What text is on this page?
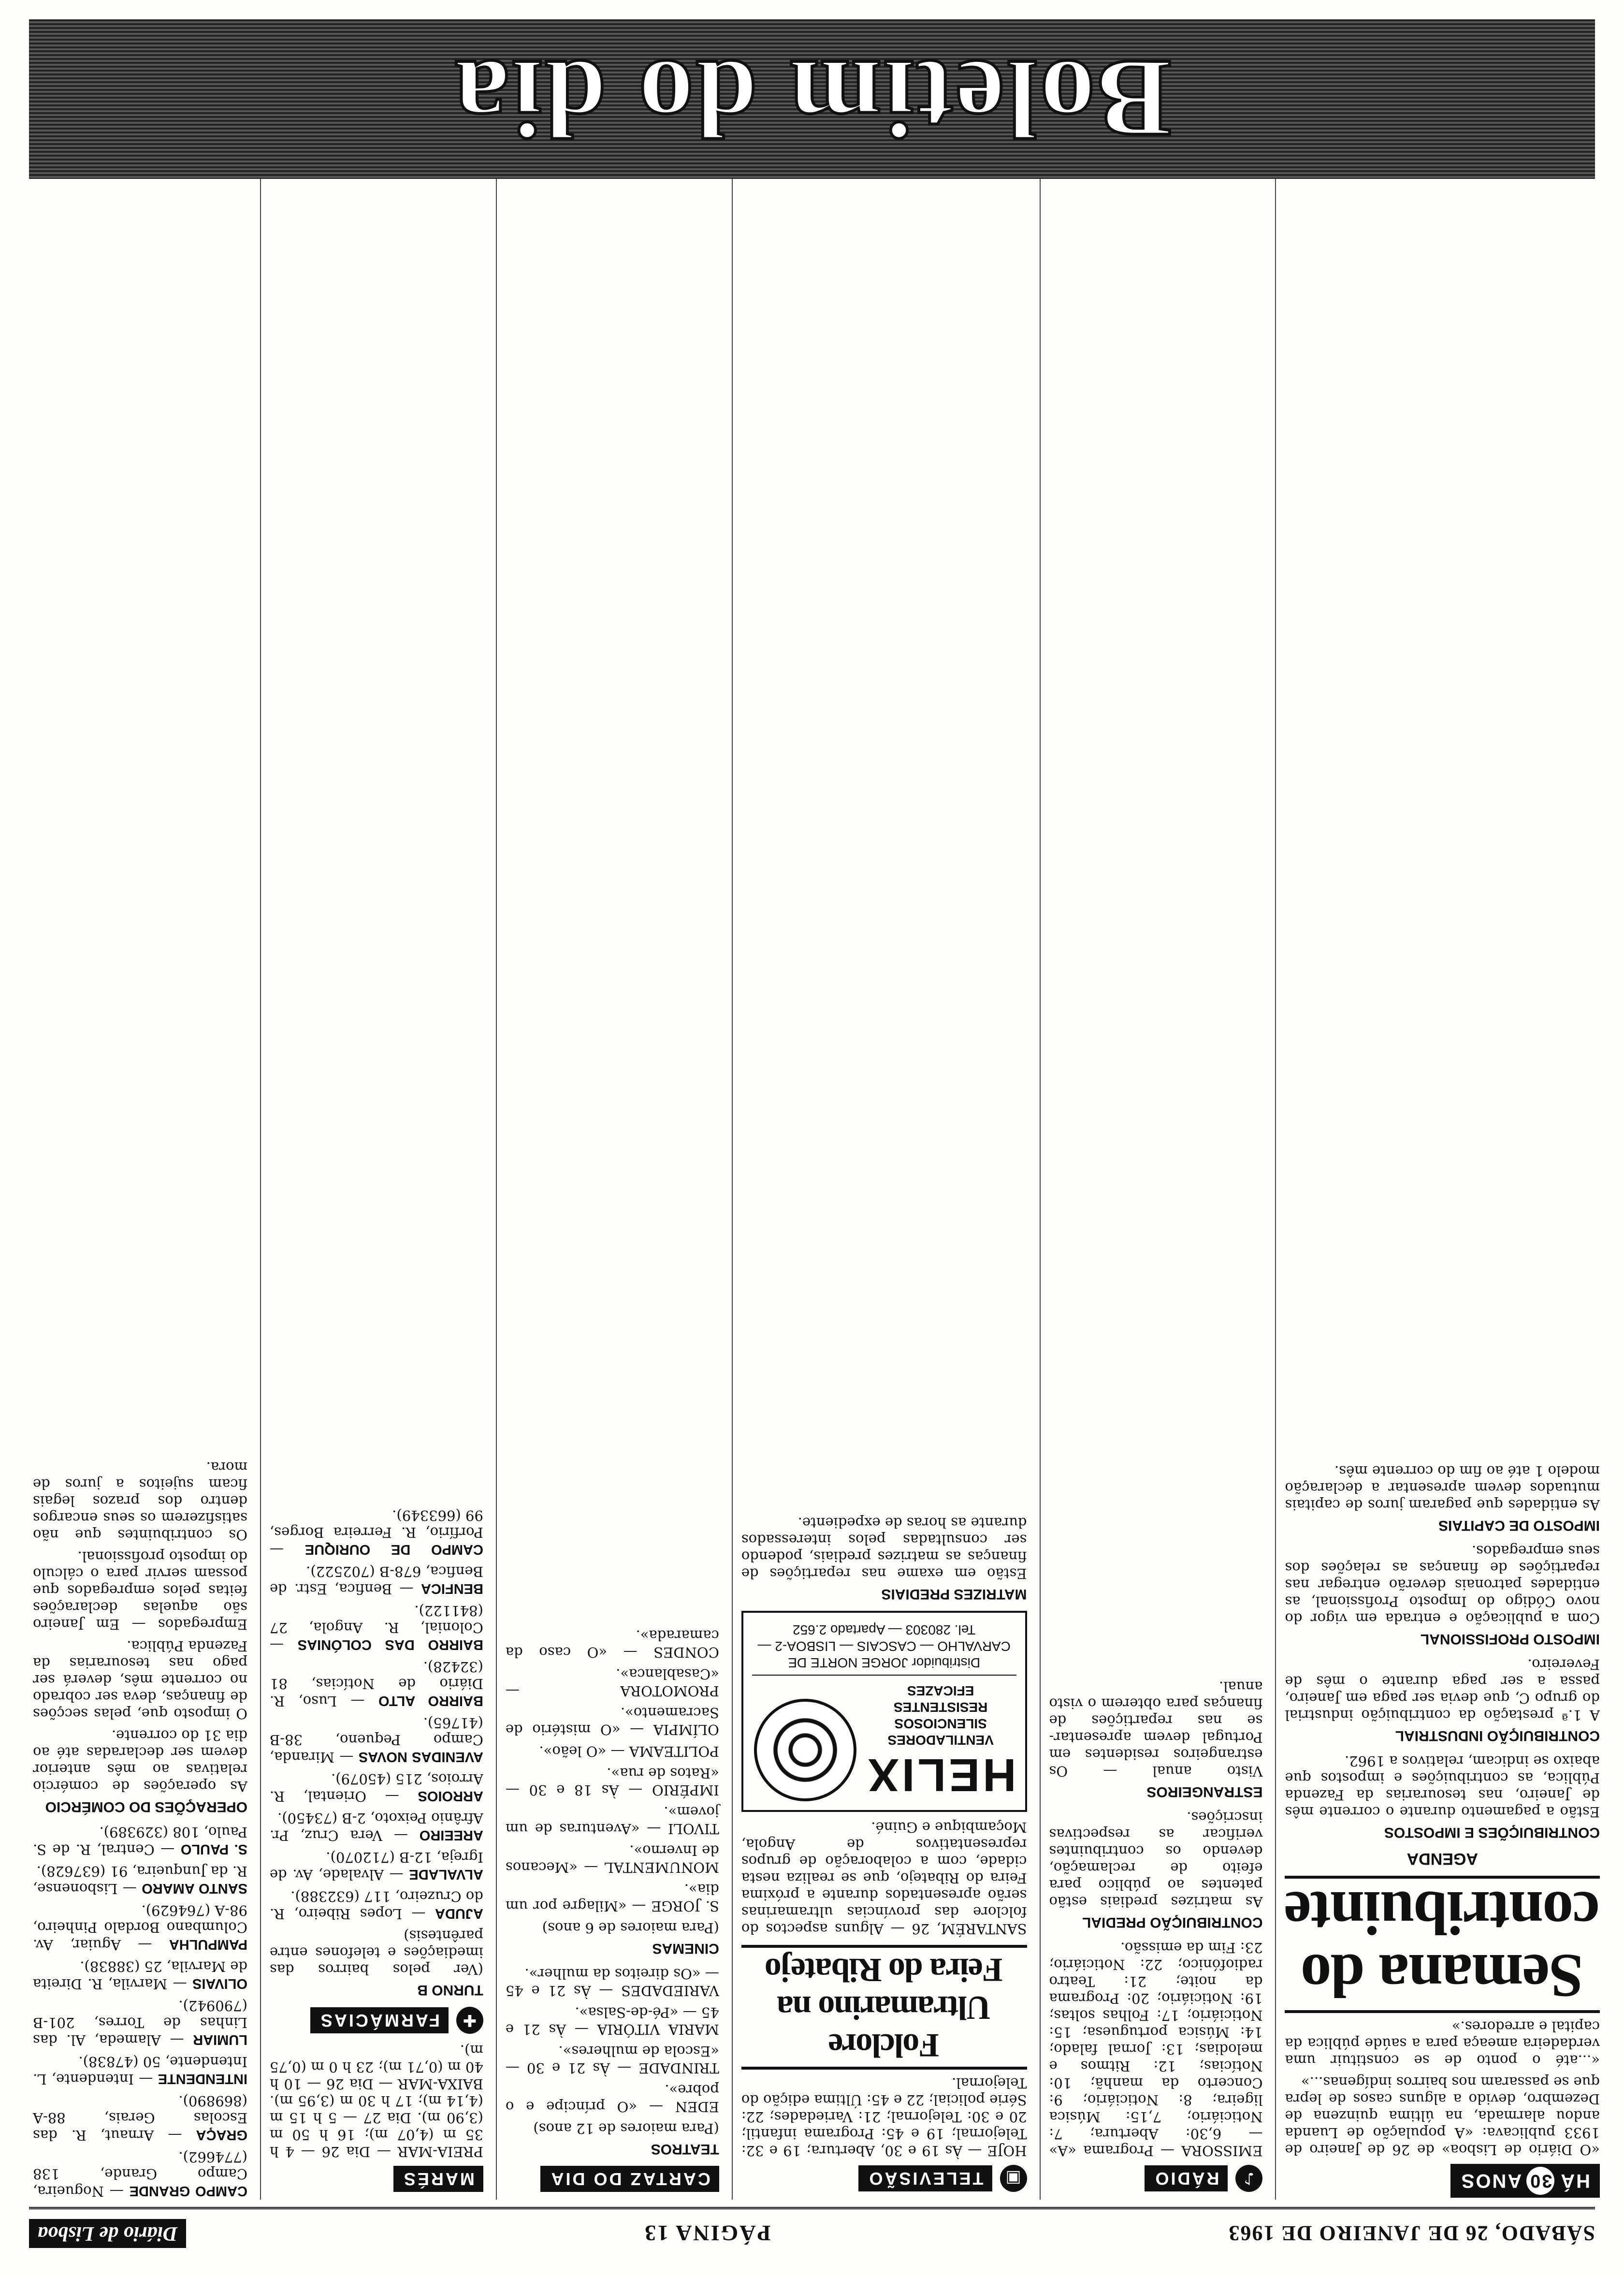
SÁBADO, 26 DE JANEIRO DE 1963
PÁGINA 13
Diário de Lisboa
HÁ
30
ANOS

«O Diário de Lisboa» de 26 de Janeiro de 1933 publicava: «A população de Luanda andou alarmada, na última quinzena de Dezembro, devido a alguns casos de lepra que se passaram nos bairros indígenas...»

«...até o ponto de se constituir uma verdadeira ameaça para a saúde pública da capital e arredores.»

Semana do contribuinte
AGENDA
CONTRIBUIÇÕES E IMPOSTOS

Estão a pagamento durante o corrente mês de Janeiro, nas tesourarias da Fazenda Pública, as contribuições e impostos que abaixo se indicam, relativos a 1962.

CONTRIBUIÇÃO INDUSTRIAL

A 1.ª prestação da contribuição industrial do grupo C, que devia ser paga em Janeiro, passa a ser paga durante o mês de Fevereiro.

IMPOSTO PROFISSIONAL

Com a publicação e entrada em vigor do novo Código do Imposto Profissional, as entidades patronais deverão entregar nas repartições de finanças as relações dos seus empregados.

IMPOSTO DE CAPITAIS

As entidades que pagaram juros de capitais mutuados devem apresentar a declaração modelo 1 até ao fim do corrente mês.

♪
RÁDIO

EMISSORA — Programa «A» — 6,30: Abertura; 7: Noticiário; 7,15: Música ligeira; 8: Noticiário; 9: Concerto da manhã; 10: Notícias; 12: Ritmos e melodias; 13: Jornal falado; 14: Música portuguesa; 15: Noticiário; 17: Folhas soltas; 19: Noticiário; 20: Programa da noite; 21: Teatro radiofónico; 22: Noticiário; 23: Fim da emissão.

CONTRIBUIÇÃO PREDIAL

As matrizes prediais estão patentes ao público para efeito de reclamação, devendo os contribuintes verificar as respectivas inscrições.

ESTRANGEIROS

Visto anual — Os estrangeiros residentes em Portugal devem apresentar-se nas repartições de finanças para obterem o visto anual.

▣
TELEVISÃO

HOJE — Às 19 e 30, Abertura; 19 e 32: Telejornal; 19 e 45: Programa infantil; 20 e 30: Telejornal; 21: Variedades; 22: Série policial; 22 e 45: Última edição do Telejornal.

Folclore Ultramarino na Feira do Ribatejo

SANTARÉM, 26 — Alguns aspectos do folclore das províncias ultramarinas serão apresentados durante a próxima Feira do Ribatejo, que se realiza nesta cidade, com a colaboração de grupos representativos de Angola, Moçambique e Guiné.

HELIX
VENTILADORES
SILENCIOSOS
RESISTENTES
EFICAZES
Distribuidor JORGE NORTE DE CARVALHO — CASCAIS — LISBOA-2 — Tel. 280303 — Apartado 2.652
MATRIZES PREDIAIS

Estão em exame nas repartições de finanças as matrizes prediais, podendo ser consultadas pelos interessados durante as horas de expediente.

CARTAZ DO DIA
TEATROS

(Para maiores de 12 anos)

EDEN — «O príncipe e o pobre».

TRINDADE — Às 21 e 30 — «Escola de mulheres».

MARIA VITÓRIA — Às 21 e 45 — «Pé-de-Salsa».

VARIEDADES — Às 21 e 45 — «Os direitos da mulher».

CINEMAS

(Para maiores de 6 anos)

S. JORGE — «Milagre por um dia».

MONUMENTAL — «Mecanos de Inverno».

TIVOLI — «Aventuras de um jovem».

IMPÉRIO — Às 18 e 30 — «Ratos de rua».

POLITEAMA — «O leão».

OLÍMPIA — «O mistério de Sacramento».

PROMOTORA — «Casablanca».

CONDES — «O caso da camarada».

MARÉS

PREIA-MAR — Dia 26 — 4 h 35 m (4,07 m); 16 h 50 m (3,90 m). Dia 27 — 5 h 15 m (4,14 m); 17 h 30 m (3,95 m). BAIXA-MAR — Dia 26 — 10 h 40 m (0,71 m); 23 h 0 m (0,75 m).

✚
FARMÁCIAS
TURNO B

(Ver pelos bairros das imediações e telefones entre parêntesis)

AJUDA — Lopes Ribeiro, R. do Cruzeiro, 117 (632388).

ALVALADE — Alvalade, Av. de Igreja, 12-B (712070).

AREEIRO — Vera Cruz, Pr. Afrânio Peixoto, 2-B (73450).

ARROIOS — Oriental, R. Arroios, 215 (45079).

AVENIDAS NOVAS — Miranda, Campo Pequeno, 38-B (41765).

BAIRRO ALTO — Luso, R. Diário de Notícias, 81 (32428).

BAIRRO DAS COLÓNIAS — Colonial, R. Angola, 27 (841122).

BENFICA — Benfica, Estr. de Benfica, 678-B (702522).

CAMPO DE OURIQUE — Porfírio, R. Ferreira Borges, 99 (663349).

CAMPO GRANDE — Nogueira, Campo Grande, 138 (774662).

GRAÇA — Arnaut, R. das Escolas Gerais, 88-A (869890).

INTENDENTE — Intendente, L. Intendente, 50 (47838).

LUMIAR — Alameda, Al. das Linhas de Torres, 201-B (790942).

OLIVAIS — Marvila, R. Direita de Marvila, 25 (38838).

PAMPULHA — Aguiar, Av. Columbano Bordalo Pinheiro, 98-A (764629).

SANTO AMARO — Lisbonense, R. da Junqueira, 91 (637628).

S. PAULO — Central, R. de S. Paulo, 108 (329389).

OPERAÇÕES DO COMÉRCIO

As operações de comércio relativas ao mês anterior devem ser declaradas até ao dia 31 do corrente.

O imposto que, pelas secções de finanças, deva ser cobrado no corrente mês, deverá ser pago nas tesourarias da Fazenda Pública.

Empregados — Em Janeiro são aquelas declarações feitas pelos empregados que possam servir para o cálculo do imposto profissional.

Os contribuintes que não satisfizerem os seus encargos dentro dos prazos legais ficam sujeitos a juros de mora.

Boletim do dia
